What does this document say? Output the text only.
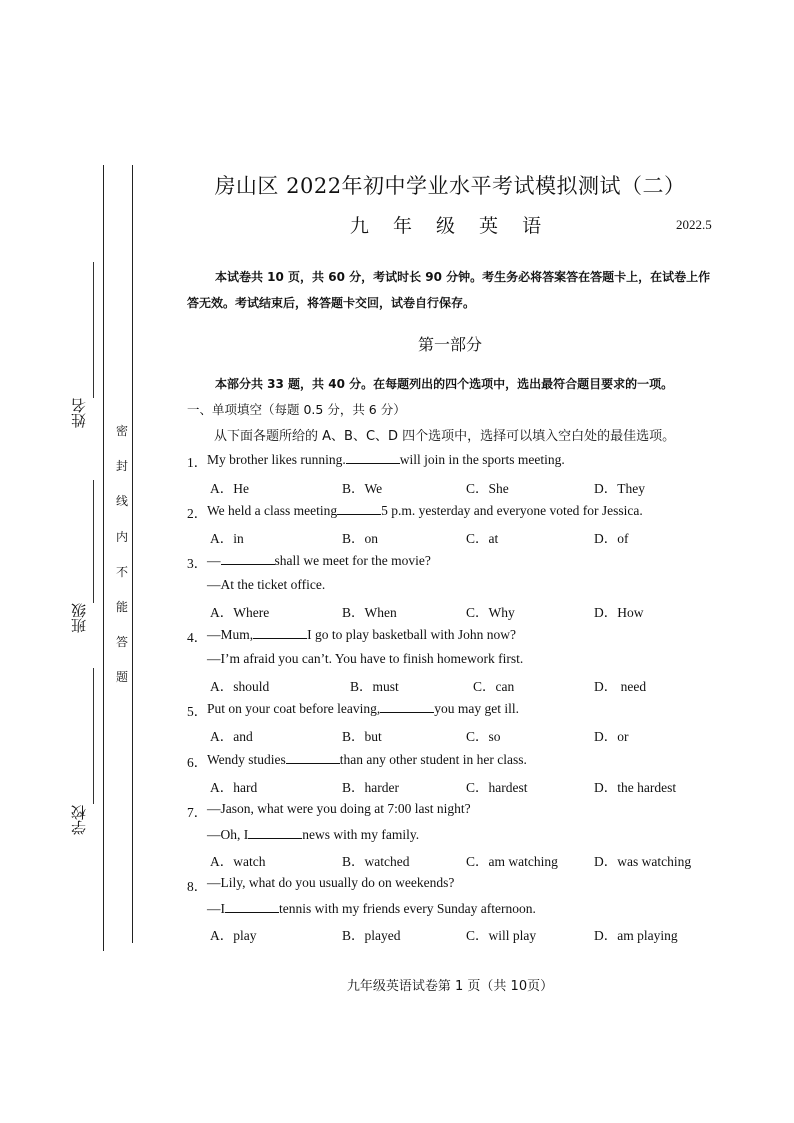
姓名
班级
学校
密
封
线
内
不
能
答
题
房山区 2022年初中学业水平考试模拟测试（二）
九 年 级 英 语	2022.5
本试卷共 10 页，共 60 分，考试时长 90 分钟。考生务必将答案答在答题卡上，在试卷上作答无效。考试结束后，将答题卡交回，试卷自行保存。
第一部分
本部分共 33 题，共 40 分。在每题列出的四个选项中，选出最符合题目要求的一项。
一、单项填空（每题 0.5 分，共 6 分）
从下面各题所给的 A、B、C、D 四个选项中，选择可以填入空白处的最佳选项。
1． My brother likes running.	will join in the sports meeting.
A．He	B．We	C．She	D．They
2． We held a class meeting	5 p.m. yesterday and everyone voted for Jessica.
A．in	B．on	C．at	D．of
3． —	shall we meet for the movie?
—At the ticket office.
A．Where	B．When	C．Why	D．How
4． —Mum,	I go to play basketball with John now?
—I’m afraid you can’t. You have to finish homework first.
A．should	B．must	C．can	D． need
5． Put on your coat before leaving,	you may get ill.
A．and	B．but	C．so	D．or
6． Wendy studies	than any other student in her class.
A．hard	B．harder	C．hardest	D．the hardest
7． —Jason, what were you doing at 7:00 last night?
—Oh, I	news with my family.
A．watch	B．watched	C．am watching	D．was watching
8． —Lily, what do you usually do on weekends?
—I	tennis with my friends every Sunday afternoon.
A．play	B．played	C．will play	D．am playing
九年级英语试卷第 1 页（共 10页）
